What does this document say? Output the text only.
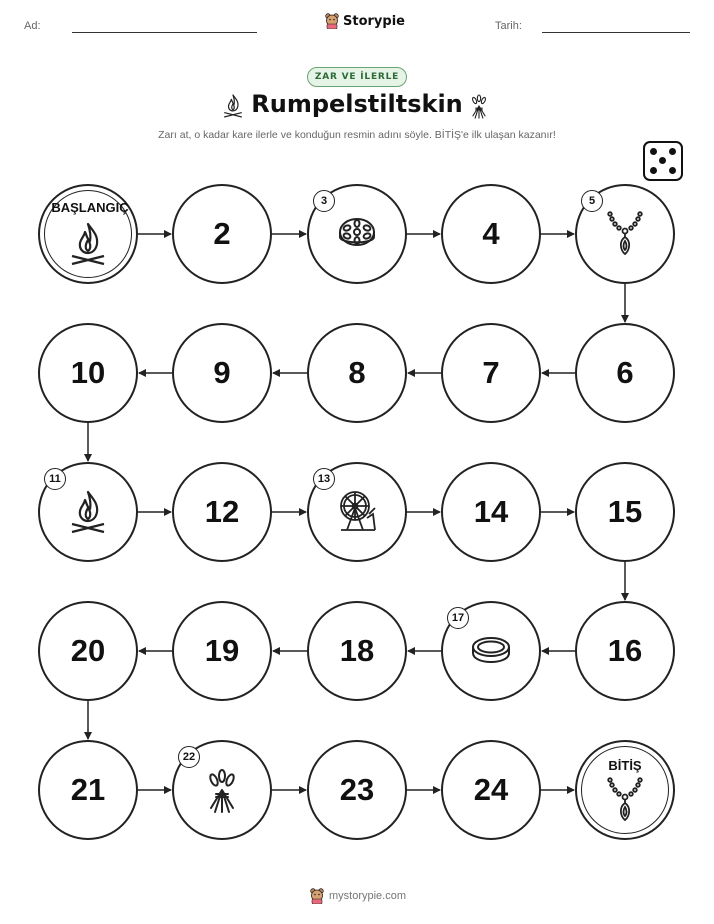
Ad:	Storypie	Tarih:
ZAR VE İLERLE
Rumpelstiltskin
Zarı at, o kadar kare ilerle ve konduğun resmin adını söyle. BİTİŞ'e ilk ulaşan kazanır!
BAŞLANGIÇ
2
3
4
5
6
7
8
9
10
11
12
13
14	15
16
17
18
19
20
21
22
23	24
BİTİŞ
mystorypie.com
